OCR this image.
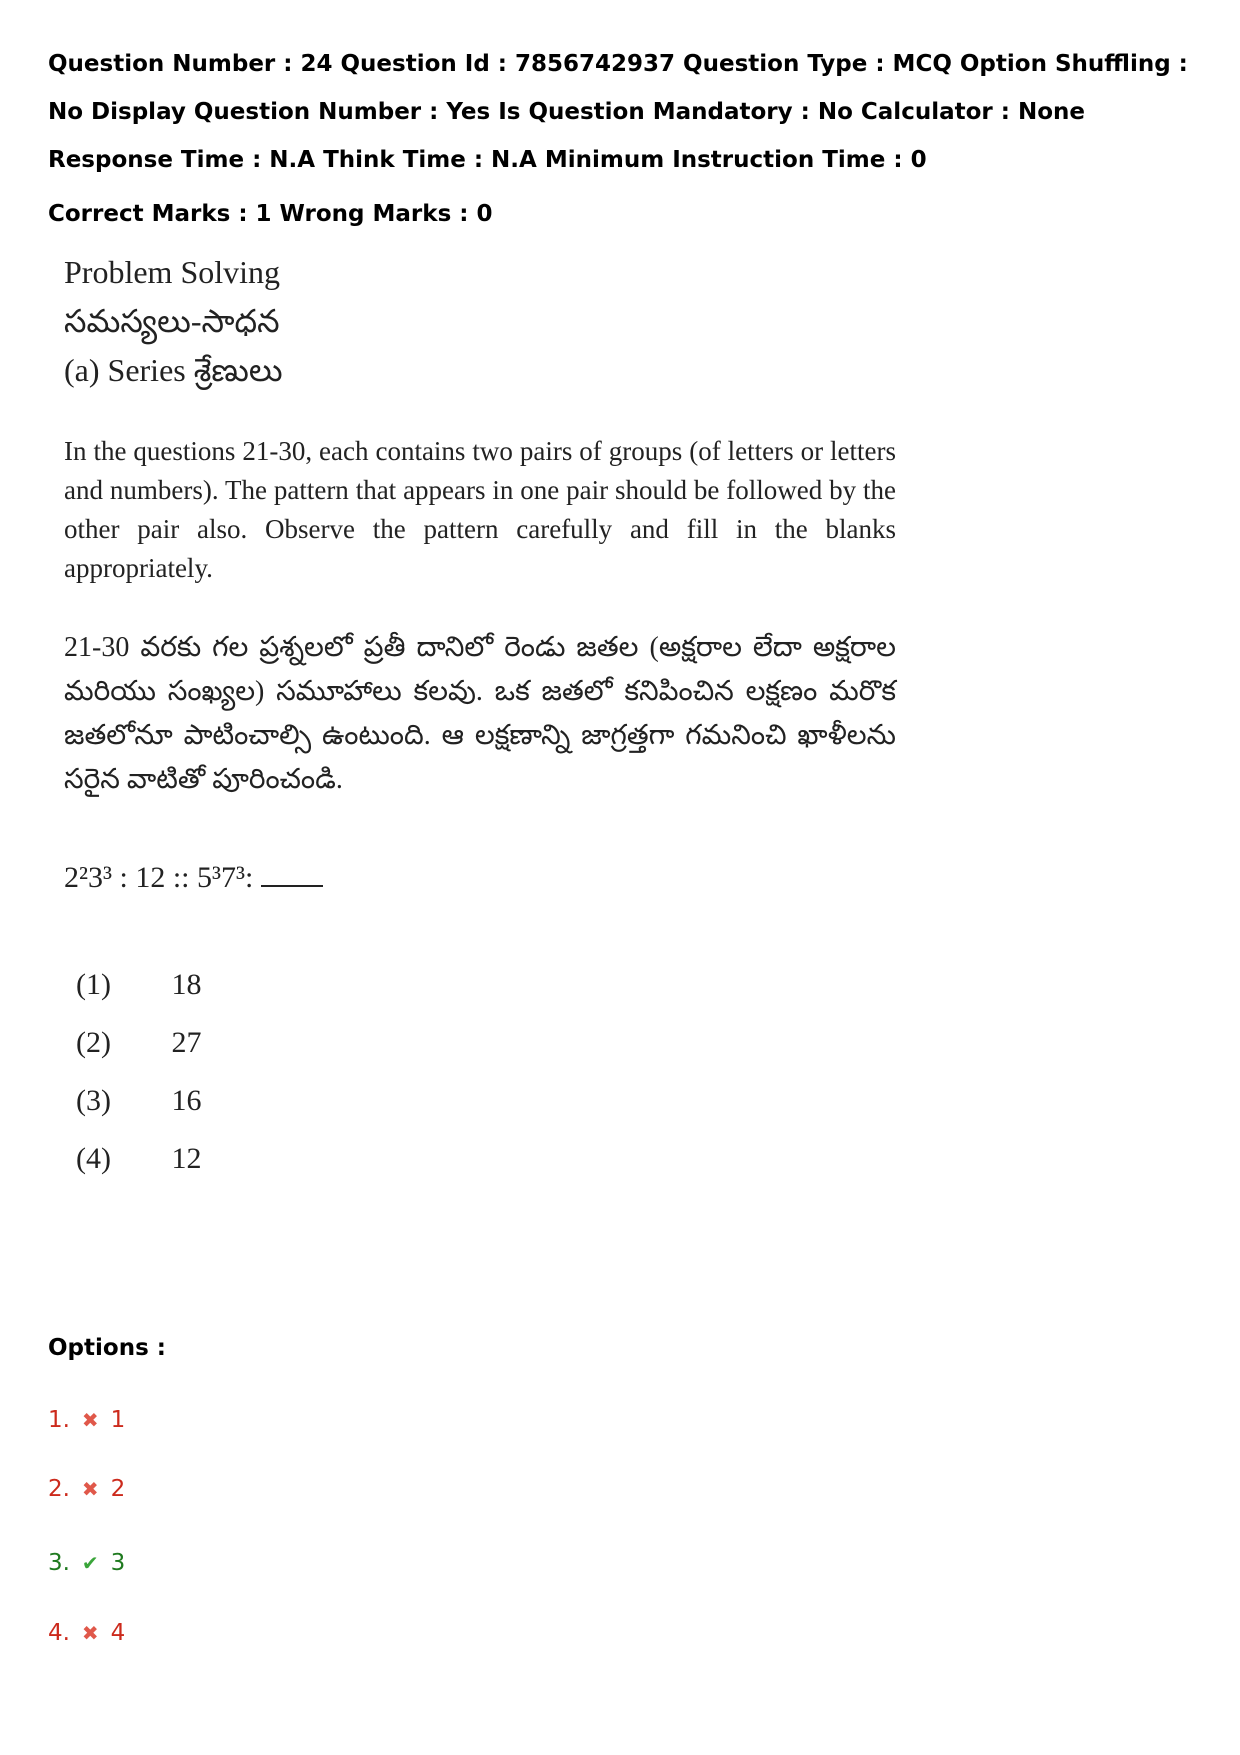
Question Number : 24 Question Id : 7856742937 Question Type : MCQ Option Shuffling : No Display Question Number : Yes Is Question Mandatory : No Calculator : None Response Time : N.A Think Time : N.A Minimum Instruction Time : 0
Correct Marks : 1 Wrong Marks : 0
Problem Solving
సమస్యలు-సాధన
(a) Series శ్రేణులు
In the questions 21-30, each contains two pairs of groups (of letters or letters and numbers). The pattern that appears in one pair should be followed by the other pair also. Observe the pattern carefully and fill in the blanks appropriately.
21-30 వరకు గల ప్రశ్నలలో ప్రతీ దానిలో రెండు జతల (అక్షరాల లేదా అక్షరాల మరియు సంఖ్యల) సమూహాలు కలవు. ఒక జతలో కనిపించిన లక్షణం మరొక జతలోనూ పాటించాల్సి ఉంటుంది. ఆ లక్షణాన్ని జాగ్రత్తగా గమనించి ఖాళీలను సరైన వాటితో పూరించండి.
2²3³ : 12 :: 5³7³:
(1) 18
(2) 27
(3) 16
(4) 12
Options :
1. ✖ 1
2. ✖ 2
3. ✔ 3
4. ✖ 4
